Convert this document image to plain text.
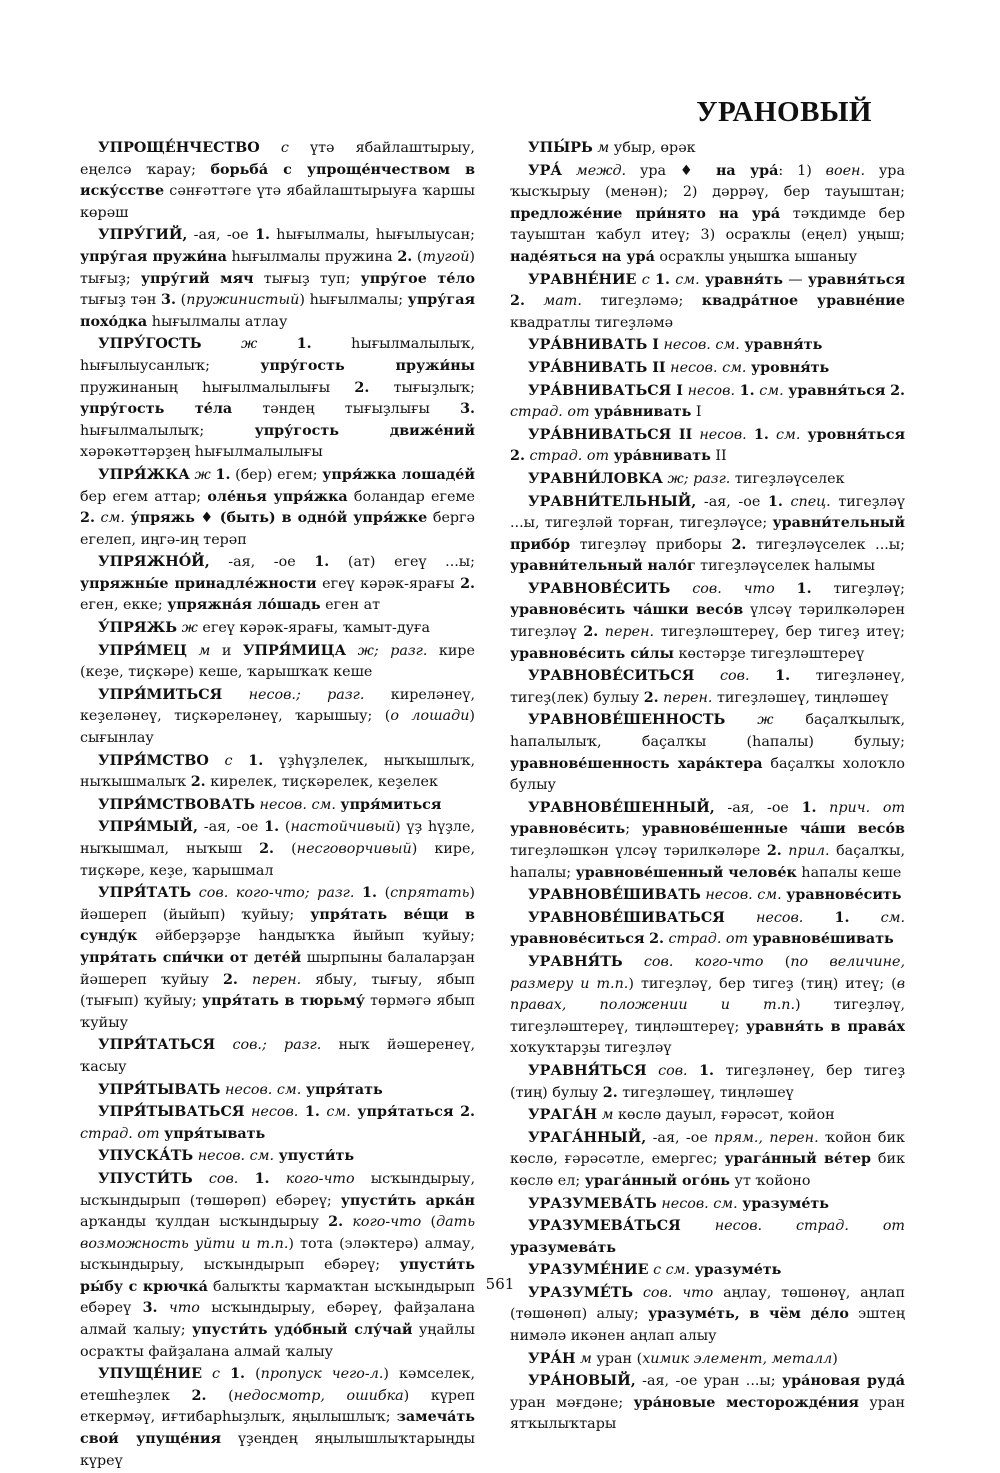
УРАНОВЫЙ

УПРОЩЕ́НЧЕСТВО с үтә ябайлаштырыу, еңелсә ҡарау; борьба́ с упроще́нчеством в иску́сстве сәнғәттәге үтә ябайлаштырыуға ҡаршы көрәш

УПРУ́ГИЙ, -ая, -ое 1. һығылмалы, һығылыусан; упру́гая пружи́на һығылмалы пружина 2. (тугой) тығыҙ; упру́гий мяч тығыҙ туп; упру́гое те́ло тығыҙ тән 3. (пружинистый) һығылмалы; упру́гая похо́дка һығылмалы атлау

УПРУ́ГОСТЬ ж 1. һығылмалылыҡ, һығылыусанлыҡ; упру́гость пружи́ны пружинаның һығылмалылығы 2. тығыҙлыҡ; упру́гость те́ла тәндең тығыҙлығы 3. һығылмалылыҡ; упру́гость движе́ний хәрәкәттәрҙең һығылмалылығы

УПРЯ́ЖКА ж 1. (бер) егем; упря́жка лошаде́й бер егем аттар; оле́нья упря́жка боландар егеме 2. см. у́пряжь ♦ (быть) в одно́й упря́жке бергә егелеп, иңгә-иң терәп

УПРЯЖНО́Й, -ая, -ое 1. (ат) егеү ...ы; упряжны́е принадле́жности егеү кәрәк-ярағы 2. еген, екке; упряжна́я ло́шадь еген ат

У́ПРЯЖЬ ж егеү кәрәк-ярағы, ҡамыт-дуға

УПРЯ́МЕЦ м и УПРЯ́МИЦА ж; разг. кире (кеҙе, тиҫкәре) кеше, ҡарышҡаҡ кеше

УПРЯ́МИТЬСЯ несов.; разг. киреләнеү, кеҙеләнеү, тиҫкәреләнеү, ҡарышыу; (о лошади) сығынлау

УПРЯ́МСТВО с 1. үҙһүҙлелек, ныҡышлыҡ, ныҡышмалыҡ 2. кирелек, тиҫкәрелек, кеҙелек

УПРЯ́МСТВОВАТЬ несов. см. упря́миться

УПРЯ́МЫЙ, -ая, -ое 1. (настойчивый) үҙ һүҙле, ныҡышмал, ныҡыш 2. (несговорчивый) кире, тиҫкәре, кеҙе, ҡарышмал

УПРЯ́ТАТЬ сов. кого-что; разг. 1. (спрятать) йәшереп (йыйып) ҡуйыу; упря́тать ве́щи в сунду́к әйберҙәрҙе һандыҡҡа йыйып ҡуйыу; упря́тать спи́чки от дете́й шырпыны балаларҙан йәшереп ҡуйыу 2. перен. ябыу, тығыу, ябып (тығып) ҡуйыу; упря́тать в тюрьму́ төрмәгә ябып ҡуйыу

УПРЯ́ТАТЬСЯ сов.; разг. ныҡ йәшеренеү, ҡасыу

УПРЯ́ТЫВАТЬ несов. см. упря́тать

УПРЯ́ТЫВАТЬСЯ несов. 1. см. упря́таться 2. страд. от упря́тывать

УПУСКА́ТЬ несов. см. упусти́ть

УПУСТИ́ТЬ сов. 1. кого-что ысҡындырыу, ысҡындырып (төшөрөп) ебәреү; упусти́ть арка́н арҡанды ҡулдан ысҡындырыу 2. кого-что (дать возможность уйти и т.п.) тота (эләктерә) алмау, ысҡындырыу, ысҡындырып ебәреү; упусти́ть ры́бу с крючка́ балыҡты ҡармаҡтан ысҡындырып ебәреү 3. что ысҡындырыу, ебәреү, файҙалана алмай ҡалыу; упусти́ть удо́бный слу́чай уңайлы осраҡты файҙалана алмай ҡалыу

УПУЩЕ́НИЕ с 1. (пропуск чего-л.) кәмселек, етешһеҙлек 2. (недосмотр, ошибка) күреп еткермәү, иғтибарһыҙлыҡ, яңылышлыҡ; замеча́ть свои́ упуще́ния үҙеңдең яңылышлыҡтарыңды күреү

УПЫ́РЬ м убыр, өрәк

УРА́ межд. ура ♦ на ура́: 1) воен. ура ҡысҡырыу (менән); 2) дәррәү, бер тауыштан; предложе́ние при́нято на ура́ тәҡдимде бер тауыштан ҡабул итеү; 3) осраҡлы (еңел) уңыш; наде́яться на ура́ осраҡлы уңышҡа ышаныу

УРАВНЕ́НИЕ с 1. см. уравня́ть — уравня́ться 2. мат. тигеҙләмә; квадра́тное уравне́ние квадратлы тигеҙләмә

УРА́ВНИВАТЬ I несов. см. уравня́ть

УРА́ВНИВАТЬ II несов. см. уровня́ть

УРА́ВНИВАТЬСЯ I несов. 1. см. уравня́ться 2. страд. от ура́внивать I

УРА́ВНИВАТЬСЯ II несов. 1. см. уровня́ться 2. страд. от ура́внивать II

УРАВНИ́ЛОВКА ж; разг. тигеҙләүселек

УРАВНИ́ТЕЛЬНЫЙ, -ая, -ое 1. спец. тигеҙләү ...ы, тигеҙләй торған, тигеҙләүсе; уравни́тельный прибо́р тигеҙләү приборы 2. тигеҙләүселек ...ы; уравни́тельный нало́г тигеҙләүселек һалымы

УРАВНОВЕ́СИТЬ сов. что 1. тигеҙләү; уравнове́сить ча́шки весо́в үлсәү тәрилкәләрен тигеҙләү 2. перен. тигеҙләштереү, бер тигеҙ итеү; уравнове́сить си́лы көстәрҙе тигеҙләштереү

УРАВНОВЕ́СИТЬСЯ сов. 1. тигеҙләнеү, тигеҙ(лек) булыу 2. перен. тигеҙләшеү, тиңләшеү

УРАВНОВЕ́ШЕННОСТЬ ж баҫалҡылыҡ, һапалылыҡ, баҫалҡы (һапалы) булыу; уравнове́шенность хара́ктера баҫалҡы холоҡло булыу

УРАВНОВЕ́ШЕННЫЙ, -ая, -ое 1. прич. от уравнове́сить; уравнове́шенные ча́ши весо́в тигеҙләшкән үлсәү тәрилкәләре 2. прил. баҫалҡы, һапалы; уравнове́шенный челове́к һапалы кеше

УРАВНОВЕ́ШИВАТЬ несов. см. уравнове́сить

УРАВНОВЕ́ШИВАТЬСЯ несов. 1. см. уравнове́ситься 2. страд. от уравнове́шивать

УРАВНЯ́ТЬ сов. кого-что (по величине, размеру и т.п.) тигеҙләү, бер тигеҙ (тиң) итеү; (в правах, положении и т.п.) тигеҙләү, тигеҙләштереү, тиңләштереү; уравня́ть в права́х хоҡуҡтарҙы тигеҙләү

УРАВНЯ́ТЬСЯ сов. 1. тигеҙләнеү, бер тигеҙ (тиң) булыу 2. тигеҙләшеү, тиңләшеү

УРАГА́Н м көслө дауыл, ғәрәсәт, ҡойон

УРАГА́ННЫЙ, -ая, -ое прям., перен. ҡойон бик көслө, ғәрәсәтле, емергес; урага́нный ве́тер бик көслө ел; урага́нный ого́нь ут ҡойоно

УРАЗУМЕВА́ТЬ несов. см. уразуме́ть

УРАЗУМЕВА́ТЬСЯ несов. страд. от уразумева́ть

УРАЗУМЕ́НИЕ с см. уразуме́ть

УРАЗУМЕ́ТЬ сов. что аңлау, төшөнөү, аңлап (төшөнөп) алыу; уразуме́ть, в чём де́ло эштең нимәлә икәнен аңлап алыу

УРА́Н м уран (химик элемент, металл)

УРА́НОВЫЙ, -ая, -ое уран ...ы; ура́новая руда́ уран мәғдәне; ура́новые месторожде́ния уран ятҡылыҡтары

561
